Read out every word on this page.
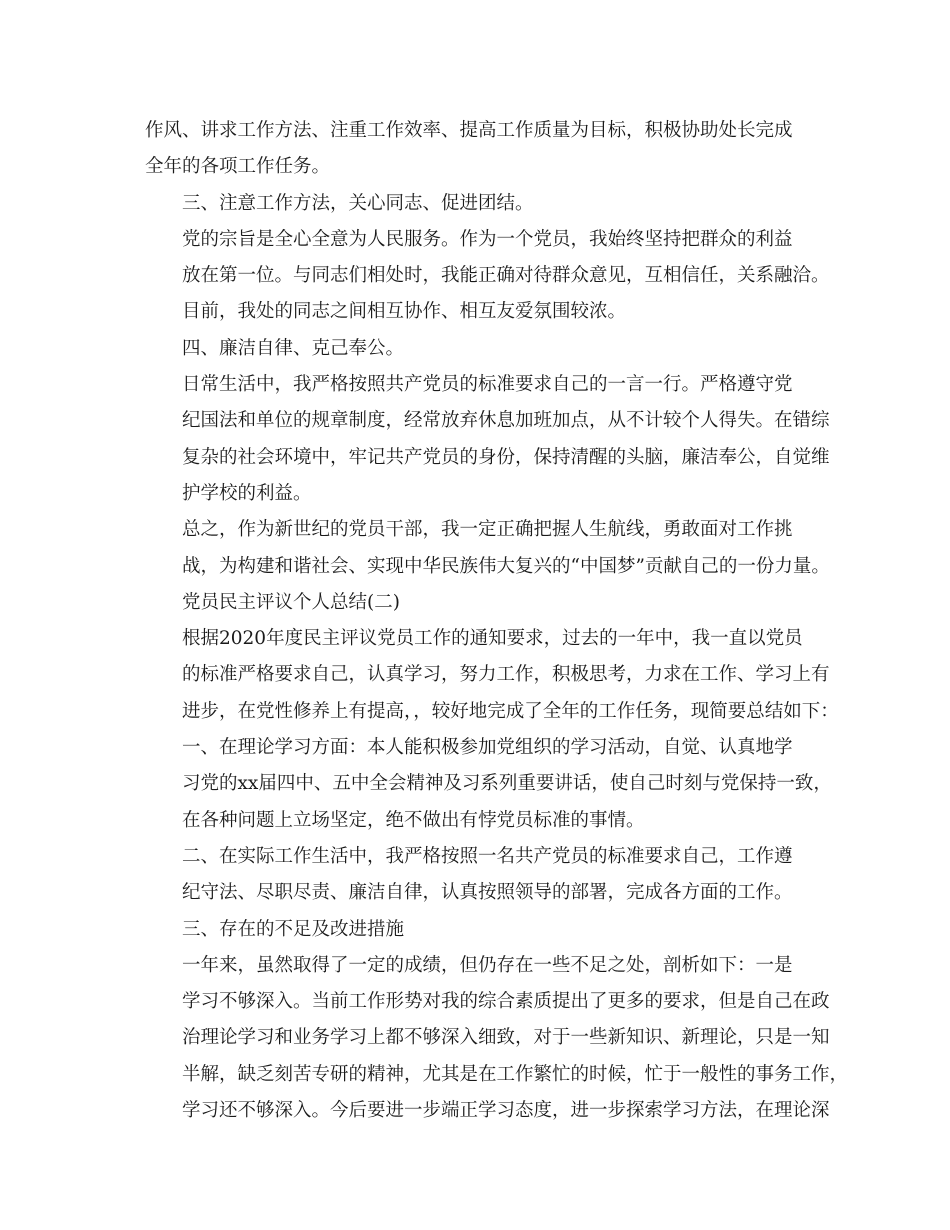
作风、讲求工作方法、注重工作效率、提高工作质量为目标，积极协助处长完成
全年的各项工作任务。
三、注意工作方法，关心同志、促进团结。
党的宗旨是全心全意为人民服务。作为一个党员，我始终坚持把群众的利益
放在第一位。与同志们相处时，我能正确对待群众意见，互相信任，关系融洽。
目前，我处的同志之间相互协作、相互友爱氛围较浓。
四、廉洁自律、克己奉公。
日常生活中，我严格按照共产党员的标准要求自己的一言一行。严格遵守党
纪国法和单位的规章制度，经常放弃休息加班加点，从不计较个人得失。在错综
复杂的社会环境中，牢记共产党员的身份，保持清醒的头脑，廉洁奉公，自觉维
护学校的利益。
总之，作为新世纪的党员干部，我一定正确把握人生航线，勇敢面对工作挑
战，为构建和谐社会、实现中华民族伟大复兴的“中国梦”贡献自己的一份力量。
党员民主评议个人总结(二)
根据2020年度民主评议党员工作的通知要求，过去的一年中，我一直以党员
的标准严格要求自己，认真学习，努力工作，积极思考，力求在工作、学习上有
进步，在党性修养上有提高，，较好地完成了全年的工作任务，现简要总结如下：
一、在理论学习方面：本人能积极参加党组织的学习活动，自觉、认真地学
习党的xx届四中、五中全会精神及习系列重要讲话，使自己时刻与党保持一致，
在各种问题上立场坚定，绝不做出有悖党员标准的事情。
二、在实际工作生活中，我严格按照一名共产党员的标准要求自己，工作遵
纪守法、尽职尽责、廉洁自律，认真按照领导的部署，完成各方面的工作。
三、存在的不足及改进措施
一年来，虽然取得了一定的成绩，但仍存在一些不足之处，剖析如下：一是
学习不够深入。当前工作形势对我的综合素质提出了更多的要求，但是自己在政
治理论学习和业务学习上都不够深入细致，对于一些新知识、新理论，只是一知
半解，缺乏刻苦专研的精神，尤其是在工作繁忙的时候，忙于一般性的事务工作，
学习还不够深入。今后要进一步端正学习态度，进一步探索学习方法，在理论深
